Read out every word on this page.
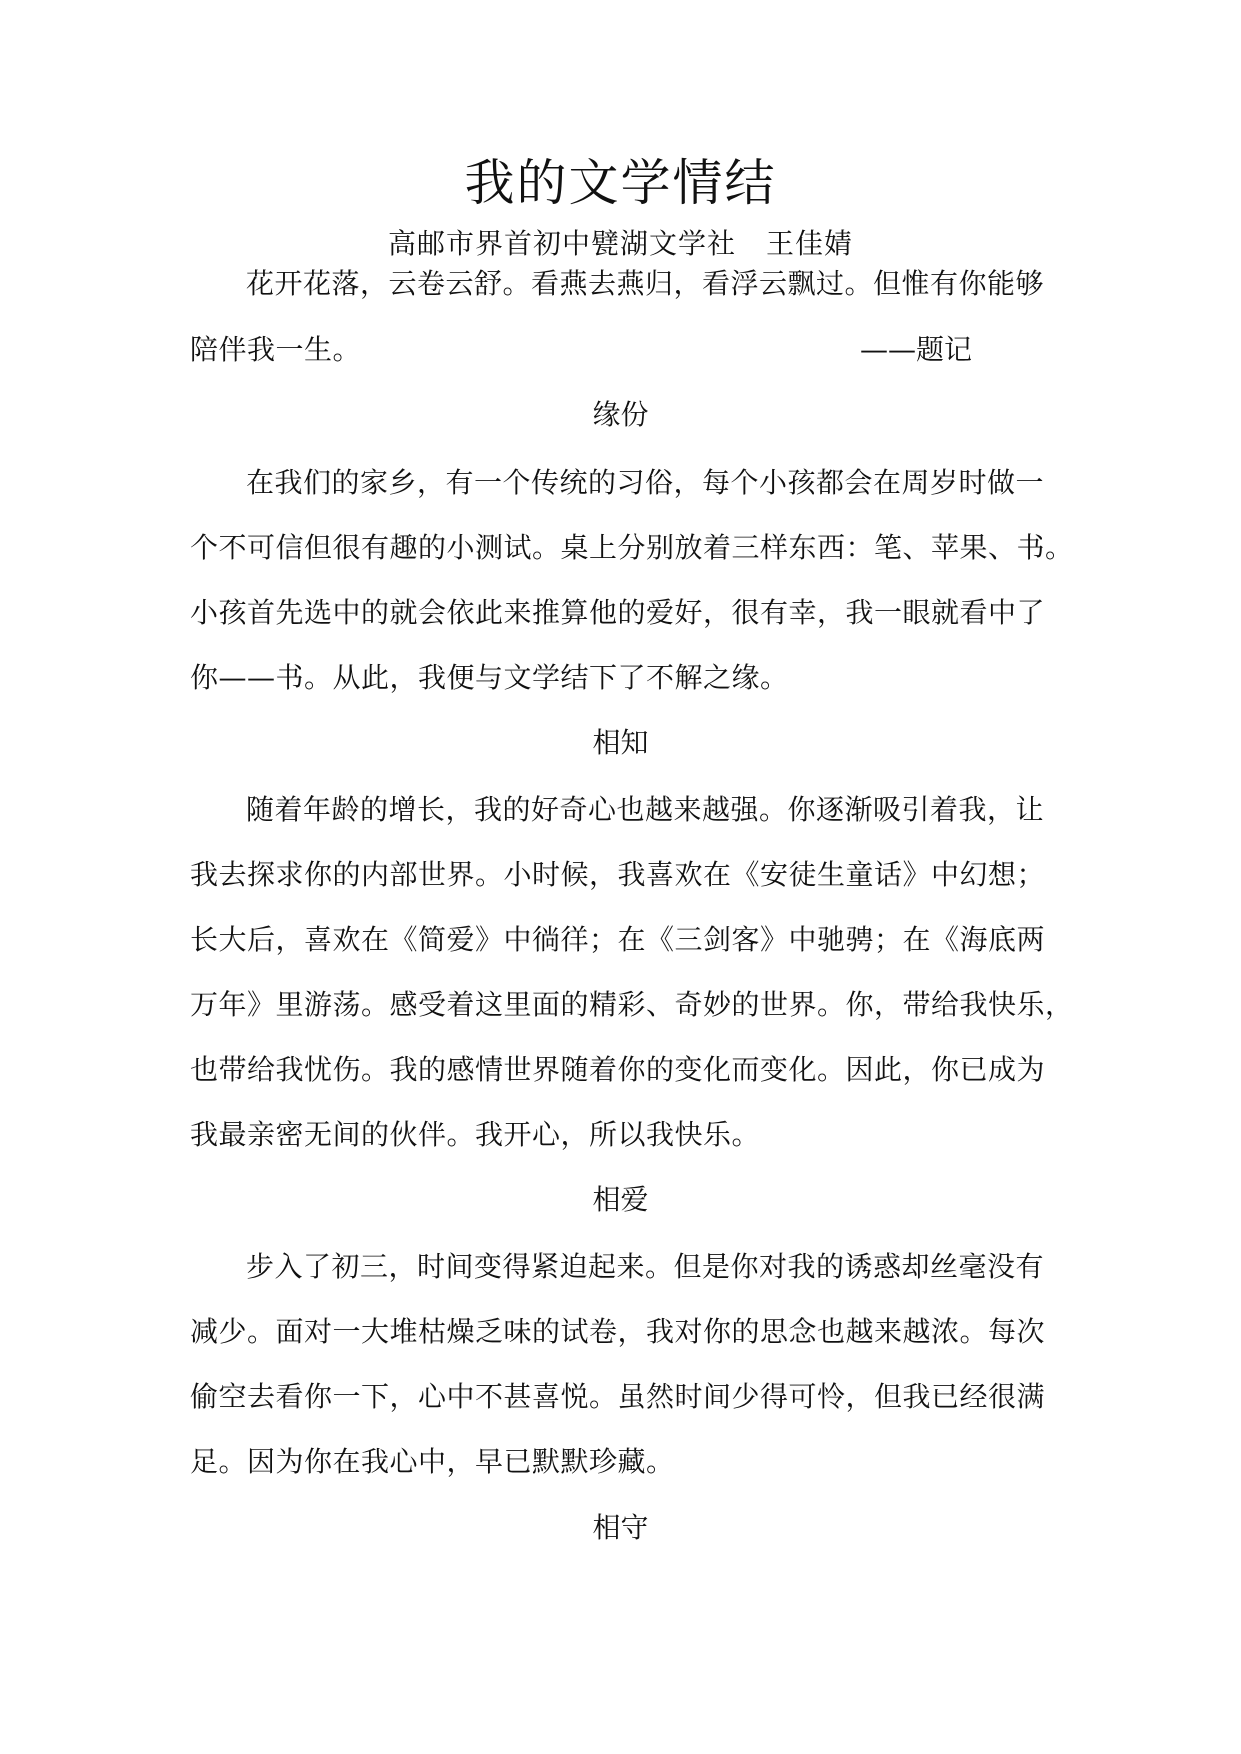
我的文学情结
高邮市界首初中甓湖文学社 王佳婧

花开花落，云卷云舒。看燕去燕归，看浮云飘过。但惟有你能够

陪伴我一生。	——题记
缘份

在我们的家乡，有一个传统的习俗，每个小孩都会在周岁时做一

个不可信但很有趣的小测试。桌上分别放着三样东西：笔、苹果、书。

小孩首先选中的就会依此来推算他的爱好，很有幸，我一眼就看中了

你——书。从此，我便与文学结下了不解之缘。

相知

随着年龄的增长，我的好奇心也越来越强。你逐渐吸引着我，让

我去探求你的内部世界。小时候，我喜欢在《安徒生童话》中幻想；

长大后，喜欢在《简爱》中徜徉；在《三剑客》中驰骋；在《海底两

万年》里游荡。感受着这里面的精彩、奇妙的世界。你，带给我快乐，

也带给我忧伤。我的感情世界随着你的变化而变化。因此，你已成为

我最亲密无间的伙伴。我开心，所以我快乐。

相爱

步入了初三，时间变得紧迫起来。但是你对我的诱惑却丝毫没有

减少。面对一大堆枯燥乏味的试卷，我对你的思念也越来越浓。每次

偷空去看你一下，心中不甚喜悦。虽然时间少得可怜，但我已经很满

足。因为你在我心中，早已默默珍藏。

相守
